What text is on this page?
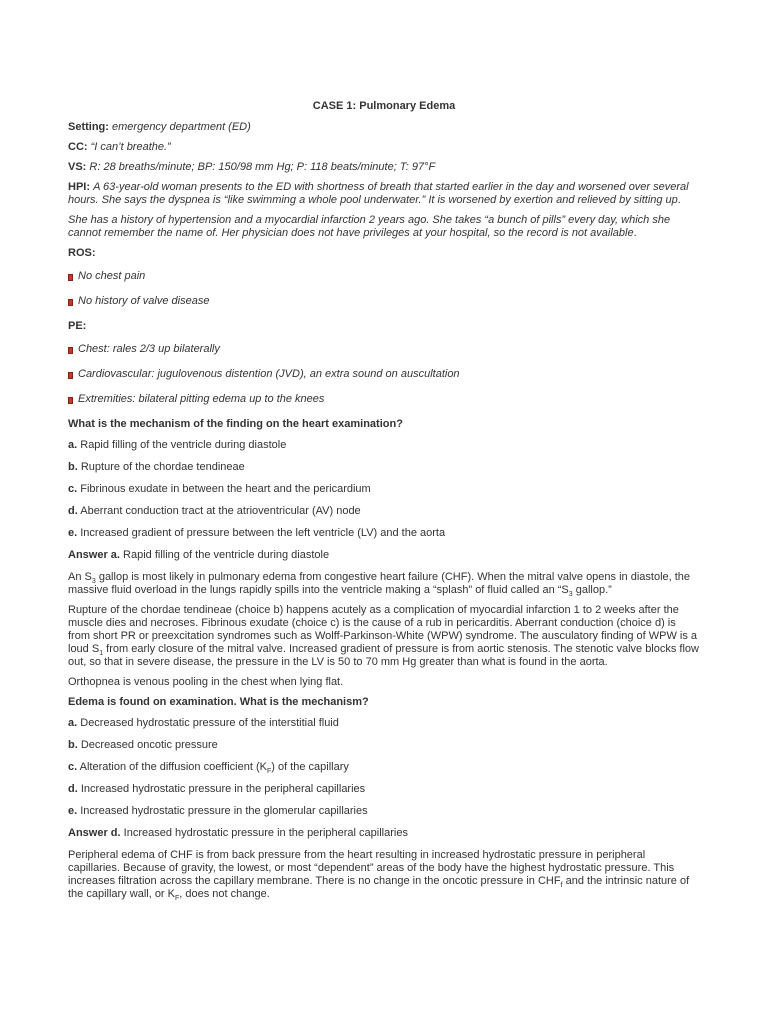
CASE 1: Pulmonary Edema

Setting: emergency department (ED)

CC: “I can’t breathe.”

VS: R: 28 breaths/minute; BP: 150/98 mm Hg; P: 118 beats/minute; T: 97°F

HPI: A 63-year-old woman presents to the ED with shortness of breath that started earlier in the day and worsened over several hours. She says the dyspnea is “like swimming a whole pool underwater.” It is worsened by exertion and relieved by sitting up.

She has a history of hypertension and a myocardial infarction 2 years ago. She takes “a bunch of pills” every day, which she cannot remember the name of. Her physician does not have privileges at your hospital, so the record is not available.

ROS:

No chest pain
No history of valve disease

PE:

Chest: rales 2/3 up bilaterally
Cardiovascular: jugulovenous distention (JVD), an extra sound on auscultation
Extremities: bilateral pitting edema up to the knees

What is the mechanism of the finding on the heart examination?

a. Rapid filling of the ventricle during diastole

b. Rupture of the chordae tendineae

c. Fibrinous exudate in between the heart and the pericardium

d. Aberrant conduction tract at the atrioventricular (AV) node

e. Increased gradient of pressure between the left ventricle (LV) and the aorta

Answer a. Rapid filling of the ventricle during diastole

An $S_3$ gallop is most likely in pulmonary edema from congestive heart failure (CHF). When the mitral valve opens in diastole, the massive fluid overload in the lungs rapidly spills into the ventricle making a “splash” of fluid called an “$S_3$ gallop.”

Rupture of the chordae tendineae (choice b) happens acutely as a complication of myocardial infarction 1 to 2 weeks after the muscle dies and necroses. Fibrinous exudate (choice c) is the cause of a rub in pericarditis. Aberrant conduction (choice d) is from short PR or preexcitation syndromes such as Wolff-Parkinson-White (WPW) syndrome. The ausculatory finding of WPW is a loud $S_1$ from early closure of the mitral valve. Increased gradient of pressure is from aortic stenosis. The stenotic valve blocks flow out, so that in severe disease, the pressure in the LV is 50 to 70 mm Hg greater than what is found in the aorta.

Orthopnea is venous pooling in the chest when lying flat.

Edema is found on examination. What is the mechanism?

a. Decreased hydrostatic pressure of the interstitial fluid

b. Decreased oncotic pressure

c. Alteration of the diffusion coefficient $(K_F)$ of the capillary

d. Increased hydrostatic pressure in the peripheral capillaries

e. Increased hydrostatic pressure in the glomerular capillaries

Answer d. Increased hydrostatic pressure in the peripheral capillaries

Peripheral edema of CHF is from back pressure from the heart resulting in increased hydrostatic pressure in peripheral capillaries. Because of gravity, the lowest, or most “dependent” areas of the body have the highest hydrostatic pressure. This increases filtration across the capillary membrane. There is no change in the oncotic pressure in $CHF_f$ and the intrinsic nature of the capillary wall, or $K_F$, does not change.
